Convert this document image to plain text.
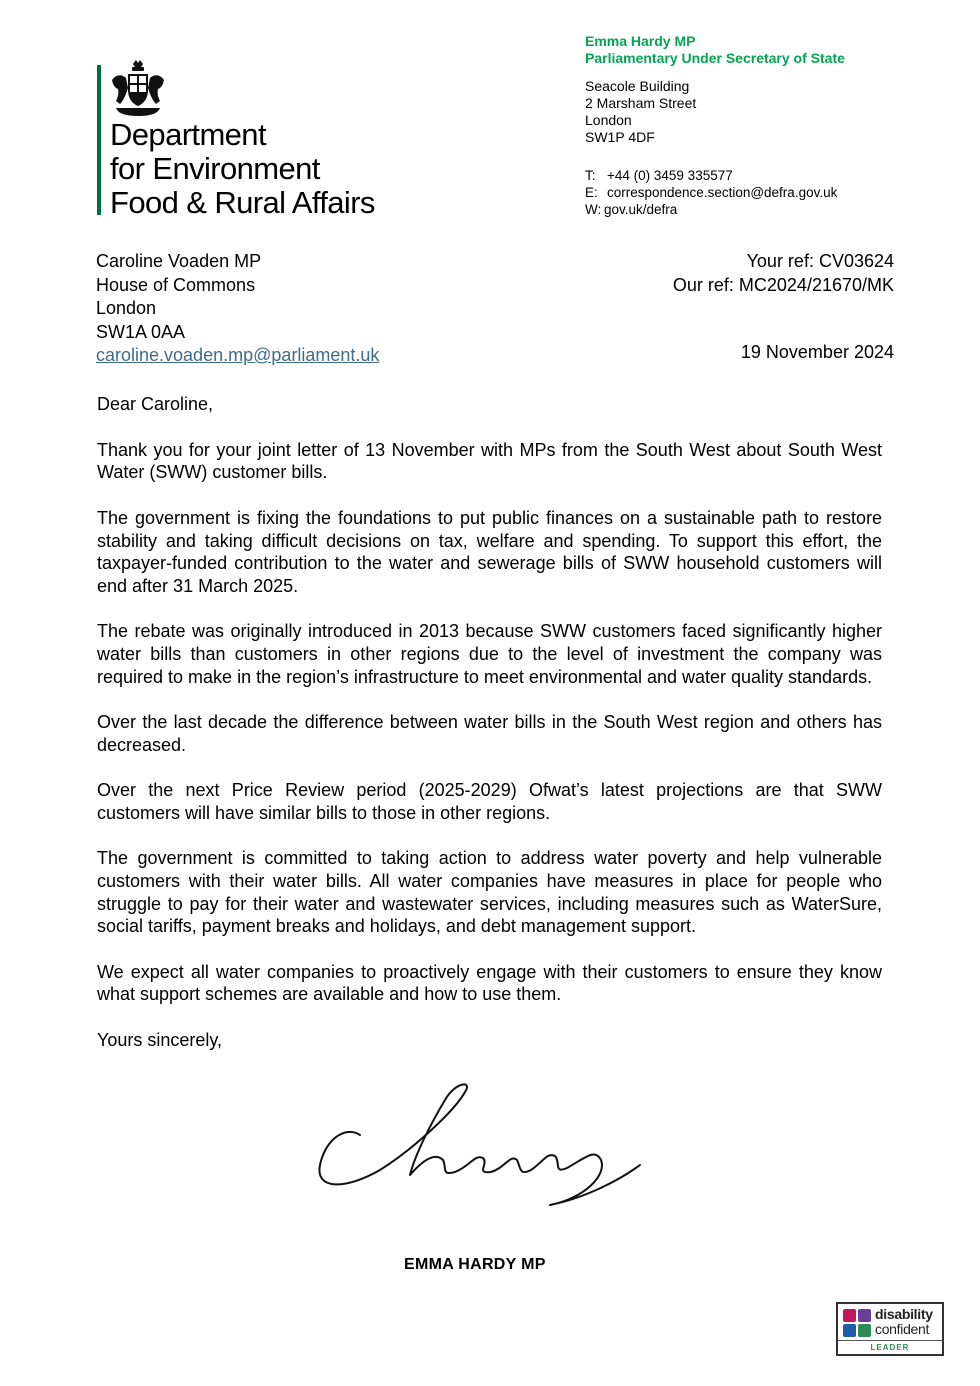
Department
for Environment
Food & Rural Affairs
Emma Hardy MP
Parliamentary Under Secretary of State
Seacole Building
2 Marsham Street
London
SW1P 4DF
T: +44 (0) 3459 335577
E: correspondence.section@defra.gov.uk
W: gov.uk/defra
Caroline Voaden MP
House of Commons
London
SW1A 0AA
caroline.voaden.mp@parliament.uk
Your ref: CV03624
Our ref: MC2024/21670/MK
19 November 2024

Dear Caroline,

Thank you for your joint letter of 13 November with MPs from the South West about South West Water (SWW) customer bills.

The government is fixing the foundations to put public finances on a sustainable path to restore stability and taking difficult decisions on tax, welfare and spending. To support this effort, the taxpayer-funded contribution to the water and sewerage bills of SWW household customers will end after 31 March 2025.

The rebate was originally introduced in 2013 because SWW customers faced significantly higher water bills than customers in other regions due to the level of investment the company was required to make in the region’s infrastructure to meet environmental and water quality standards.

Over the last decade the difference between water bills in the South West region and others has decreased.

Over the next Price Review period (2025-2029) Ofwat’s latest projections are that SWW customers will have similar bills to those in other regions.

The government is committed to taking action to address water poverty and help vulnerable customers with their water bills. All water companies have measures in place for people who struggle to pay for their water and wastewater services, including measures such as WaterSure, social tariffs, payment breaks and holidays, and debt management support.

We expect all water companies to proactively engage with their customers to ensure they know what support schemes are available and how to use them.

Yours sincerely,

EMMA HARDY MP
disability
confident
LEADER
